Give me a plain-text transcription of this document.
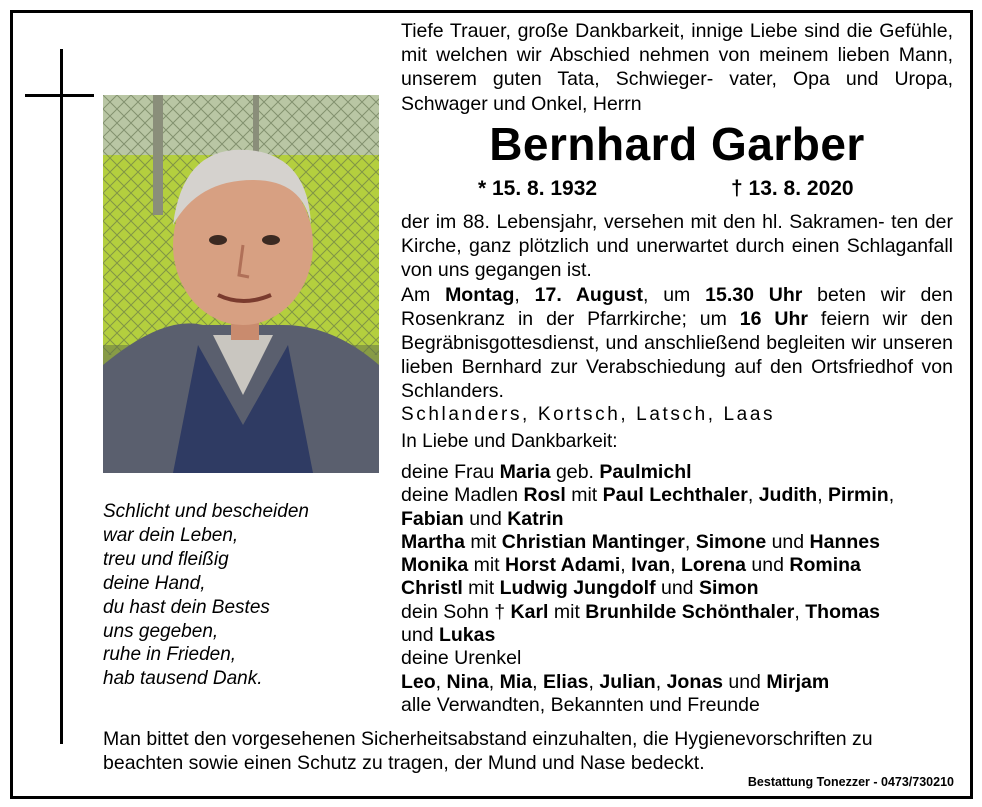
Schlicht und bescheiden
war dein Leben,
treu und fleißig
deine Hand,
du hast dein Bestes
uns gegeben,
ruhe in Frieden,
hab tausend Dank.
Tiefe Trauer, große Dankbarkeit, innige Liebe sind die Gefühle, mit welchen wir Abschied nehmen von meinem lieben Mann, unserem guten Tata, Schwieger- vater, Opa und Uropa, Schwager und Onkel, Herrn
Bernhard Garber
* 15. 8. 1932	† 13. 8. 2020
der im 88. Lebensjahr, versehen mit den hl. Sakramen- ten der Kirche, ganz plötzlich und unerwartet durch einen Schlaganfall von uns gegangen ist.
Am Montag, 17. August, um 15.30 Uhr beten wir den Rosenkranz in der Pfarrkirche; um 16 Uhr feiern wir den Begräbnisgottesdienst, und anschließend begleiten wir unseren lieben Bernhard zur Verabschiedung auf den Ortsfriedhof von Schlanders.
Schlanders, Kortsch, Latsch, Laas
In Liebe und Dankbarkeit:
deine Frau Maria geb. Paulmichl
deine Madlen Rosl mit Paul Lechthaler, Judith, Pirmin,
Fabian und Katrin
Martha mit Christian Mantinger, Simone und Hannes
Monika mit Horst Adami, Ivan, Lorena und Romina
Christl mit Ludwig Jungdolf und Simon
dein Sohn † Karl mit Brunhilde Schönthaler, Thomas
und Lukas
deine Urenkel
Leo, Nina, Mia, Elias, Julian, Jonas und Mirjam
alle Verwandten, Bekannten und Freunde
Man bittet den vorgesehenen Sicherheitsabstand einzuhalten, die Hygienevorschriften zu beachten sowie einen Schutz zu tragen, der Mund und Nase bedeckt.
Bestattung Tonezzer - 0473/730210
